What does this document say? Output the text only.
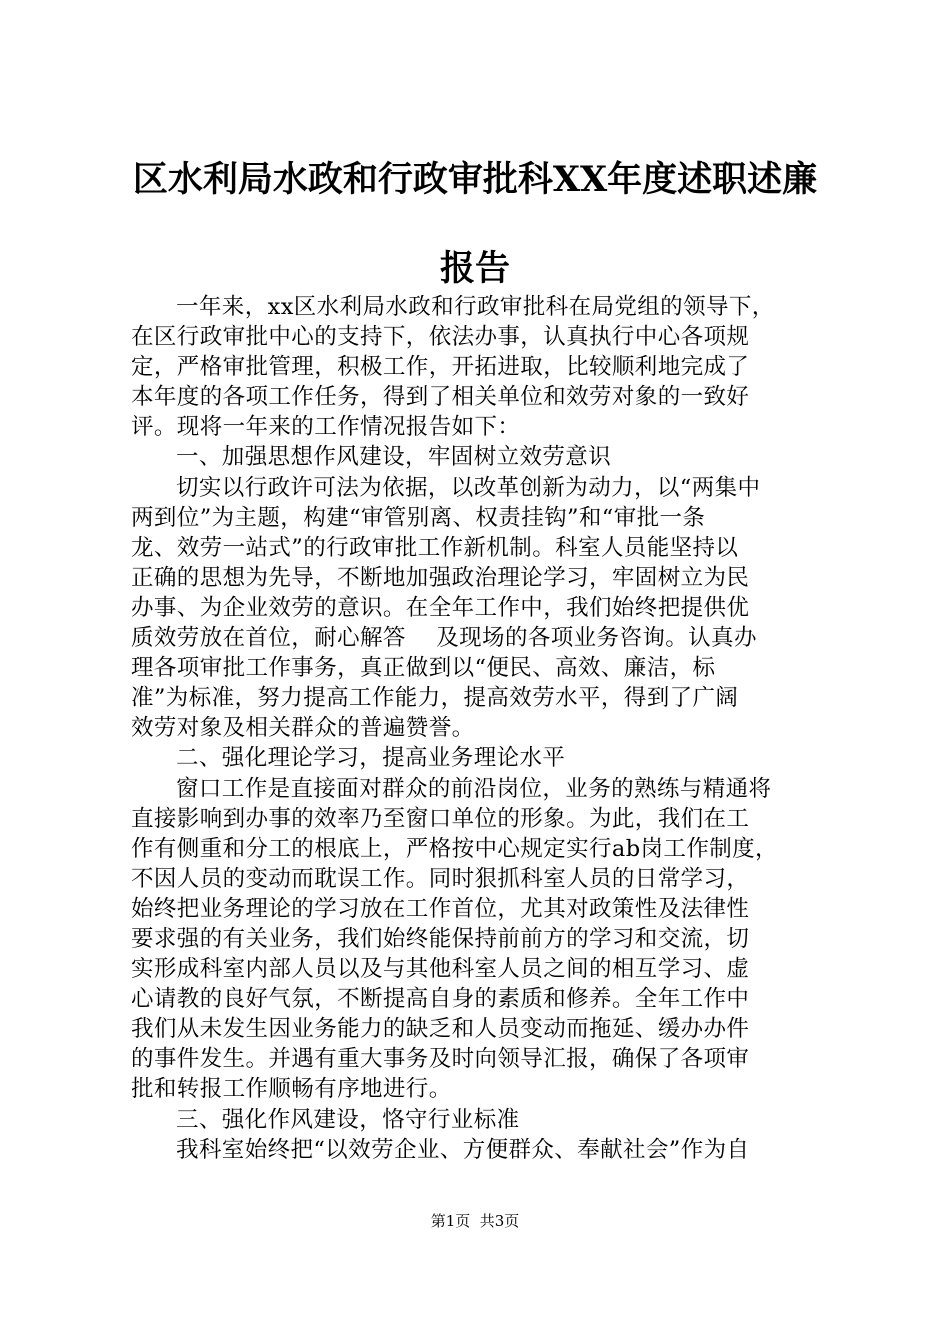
区水利局水政和行政审批科XX年度述职述廉
报告
一年来，xx区水利局水政和行政审批科在局党组的领导下，
在区行政审批中心的支持下，依法办事，认真执行中心各项规
定，严格审批管理，积极工作，开拓进取，比较顺利地完成了
本年度的各项工作任务，得到了相关单位和效劳对象的一致好
评。现将一年来的工作情况报告如下：
一、加强思想作风建设，牢固树立效劳意识
切实以行政许可法为依据，以改革创新为动力，以“两集中
两到位”为主题，构建“审管别离、权责挂钩”和“审批一条
龙、效劳一站式”的行政审批工作新机制。科室人员能坚持以
正确的思想为先导，不断地加强政治理论学习，牢固树立为民
办事、为企业效劳的意识。在全年工作中，我们始终把提供优
质效劳放在首位，耐心解答　 及现场的各项业务咨询。认真办
理各项审批工作事务，真正做到以“便民、高效、廉洁，标
准”为标准，努力提高工作能力，提高效劳水平，得到了广阔
效劳对象及相关群众的普遍赞誉。
二、强化理论学习，提高业务理论水平
窗口工作是直接面对群众的前沿岗位，业务的熟练与精通将
直接影响到办事的效率乃至窗口单位的形象。为此，我们在工
作有侧重和分工的根底上，严格按中心规定实行ab岗工作制度，
不因人员的变动而耽误工作。同时狠抓科室人员的日常学习，
始终把业务理论的学习放在工作首位，尤其对政策性及法律性
要求强的有关业务，我们始终能保持前前方的学习和交流，切
实形成科室内部人员以及与其他科室人员之间的相互学习、虚
心请教的良好气氛，不断提高自身的素质和修养。全年工作中
我们从未发生因业务能力的缺乏和人员变动而拖延、缓办办件
的事件发生。并遇有重大事务及时向领导汇报，确保了各项审
批和转报工作顺畅有序地进行。
三、强化作风建设，恪守行业标准
我科室始终把“以效劳企业、方便群众、奉献社会”作为自
第1页  共3页
